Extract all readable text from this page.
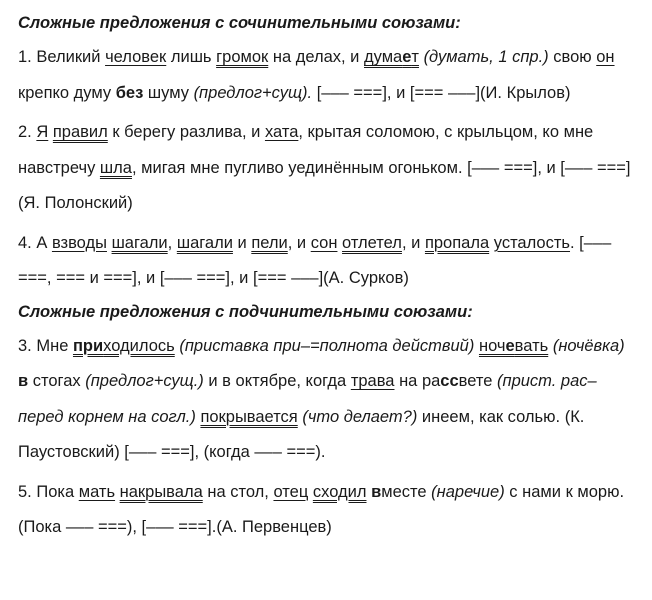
Сложные предложения с сочинительными союзами:

1. Великий человек лишь громок на делах, и думает (думать, 1 спр.) свою он крепко думу без шуму (предлог+сущ). [––– ===], и [=== –––](И. Крылов)

2. Я правил к берегу разлива, и хата, крытая соломою, с крыльцом, ко мне навстречу шла, мигая мне пугливо уединённым огоньком. [––– ===], и [––– ===](Я. Полонский)

4. А взводы шагали, шагали и пели, и сон отлетел, и пропала усталость. [––– ===, === и ===], и [––– ===], и [=== –––](А. Сурков)

Сложные предложения с подчинительными союзами:

3. Мне приходилось (приставка при–=полнота действий) ночевать (ночёвка) в стогах (предлог+сущ.) и в октябре, когда трава на рассвете (прист. рас– перед корнем на согл.) покрывается (что делает?) инеем, как солью. (К. Паустовский) [––– ===], (когда ––– ===).

5. Пока мать накрывала на стол, отец сходил вместе (наречие) с нами к морю. (Пока ––– ===), [––– ===].(А. Первенцев)
